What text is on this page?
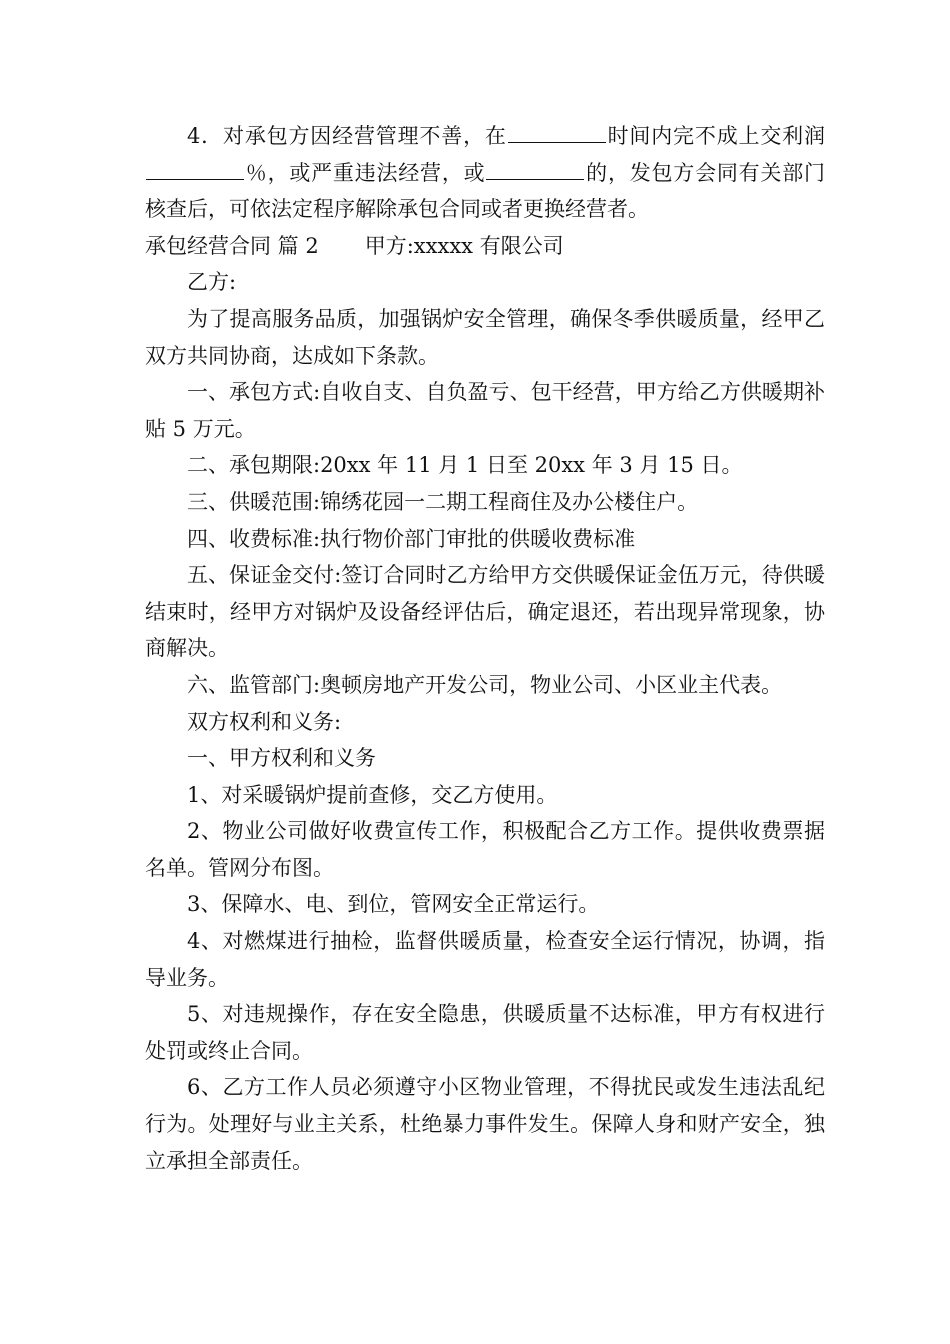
4．对承包方因经营管理不善，在	时间内完不成上交利润％，或严重违法经营，或	的，发包方会同有关部门核查后，可依法定程序解除承包合同或者更换经营者。

承包经营合同 篇 2 甲方:xxxxx 有限公司

乙方:

为了提高服务品质，加强锅炉安全管理，确保冬季供暖质量，经甲乙双方共同协商，达成如下条款。

一、承包方式:自收自支、自负盈亏、包干经营，甲方给乙方供暖期补贴 5 万元。

二、承包期限:20xx 年 11 月 1 日至 20xx 年 3 月 15 日。

三、供暖范围:锦绣花园一二期工程商住及办公楼住户。

四、收费标准:执行物价部门审批的供暖收费标准

五、保证金交付:签订合同时乙方给甲方交供暖保证金伍万元，待供暖结束时，经甲方对锅炉及设备经评估后，确定退还，若出现异常现象，协商解决。

六、监管部门:奥顿房地产开发公司，物业公司、小区业主代表。

双方权利和义务:

一、甲方权利和义务

1、对采暖锅炉提前查修，交乙方使用。

2、物业公司做好收费宣传工作，积极配合乙方工作。提供收费票据名单。管网分布图。

3、保障水、电、到位，管网安全正常运行。

4、对燃煤进行抽检，监督供暖质量，检查安全运行情况，协调，指导业务。

5、对违规操作，存在安全隐患，供暖质量不达标准，甲方有权进行处罚或终止合同。

6、乙方工作人员必须遵守小区物业管理，不得扰民或发生违法乱纪行为。处理好与业主关系，杜绝暴力事件发生。保障人身和财产安全，独立承担全部责任。
